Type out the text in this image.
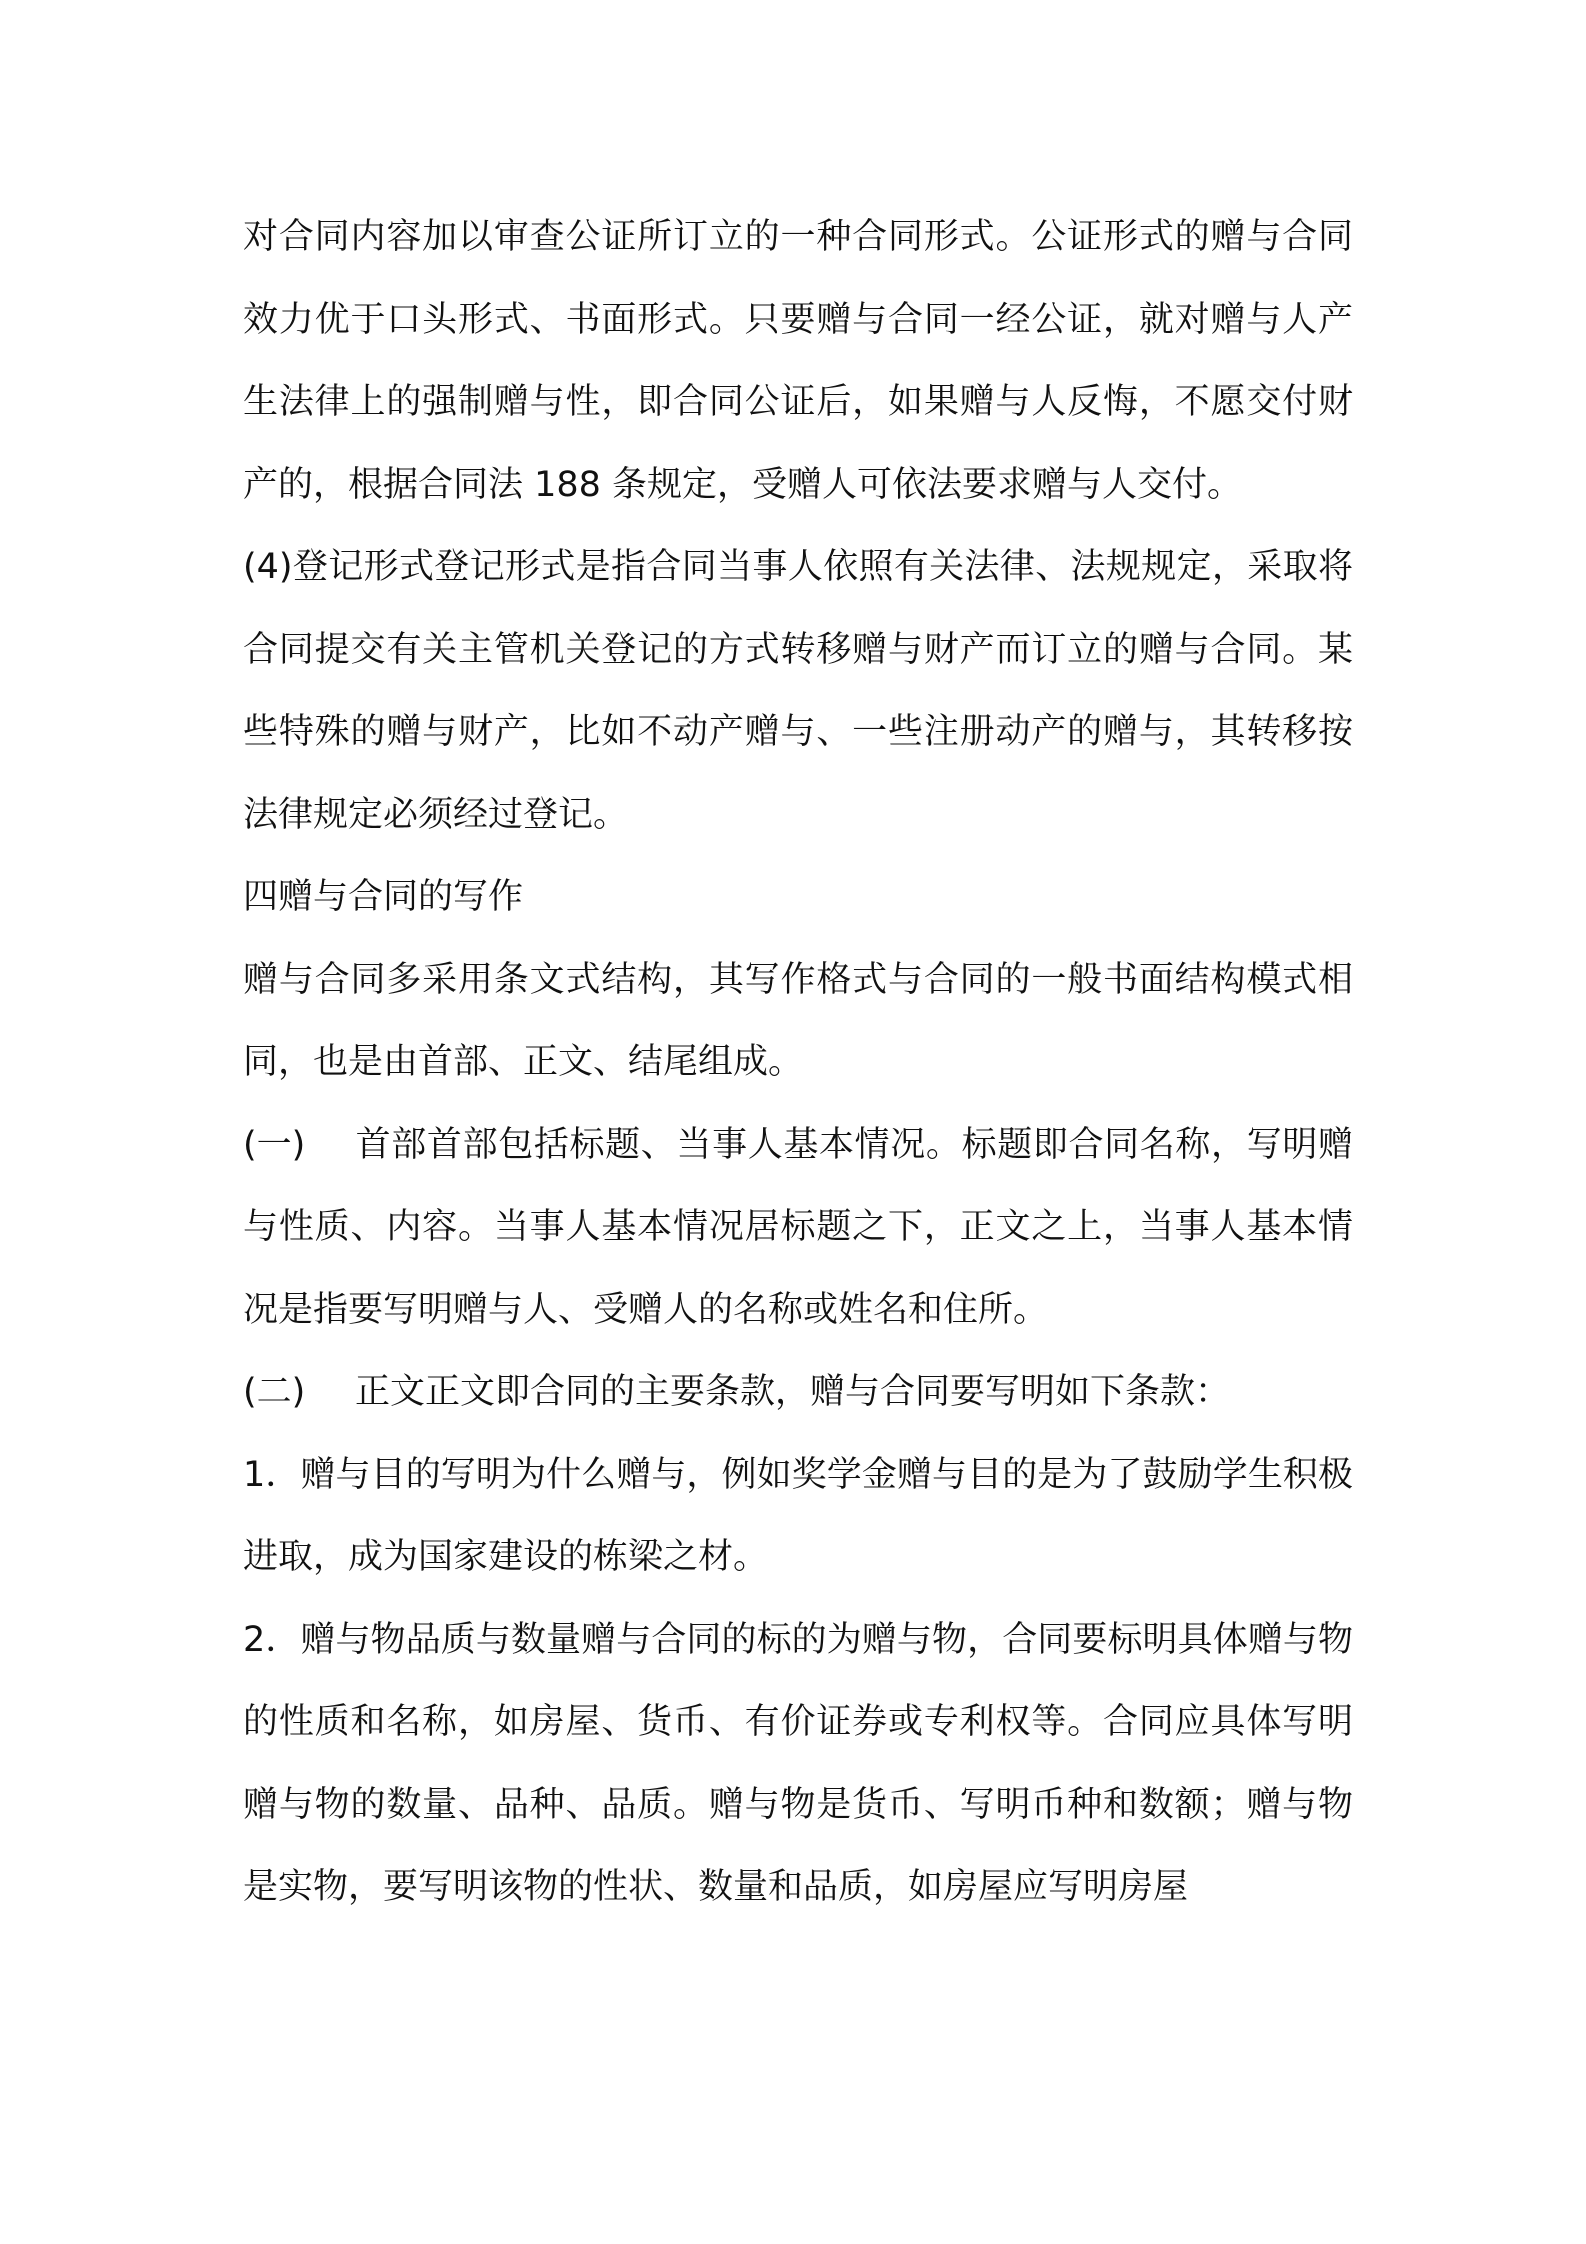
对合同内容加以审查公证所订立的一种合同形式。公证形式的赠与合同效力优于口头形式、书面形式。只要赠与合同一经公证，就对赠与人产生法律上的强制赠与性，即合同公证后，如果赠与人反悔，不愿交付财产的，根据合同法 188 条规定，受赠人可依法要求赠与人交付。

(4)登记形式登记形式是指合同当事人依照有关法律、法规规定，采取将合同提交有关主管机关登记的方式转移赠与财产而订立的赠与合同。某些特殊的赠与财产，比如不动产赠与、一些注册动产的赠与，其转移按法律规定必须经过登记。

四赠与合同的写作

赠与合同多采用条文式结构，其写作格式与合同的一般书面结构模式相同，也是由首部、正文、结尾组成。

(一) 首部首部包括标题、当事人基本情况。标题即合同名称，写明赠与性质、内容。当事人基本情况居标题之下，正文之上，当事人基本情况是指要写明赠与人、受赠人的名称或姓名和住所。

(二) 正文正文即合同的主要条款，赠与合同要写明如下条款：

1．赠与目的写明为什么赠与，例如奖学金赠与目的是为了鼓励学生积极进取，成为国家建设的栋梁之材。

2．赠与物品质与数量赠与合同的标的为赠与物，合同要标明具体赠与物的性质和名称，如房屋、货币、有价证券或专利权等。合同应具体写明赠与物的数量、品种、品质。赠与物是货币、写明币种和数额；赠与物是实物，要写明该物的性状、数量和品质，如房屋应写明房屋
